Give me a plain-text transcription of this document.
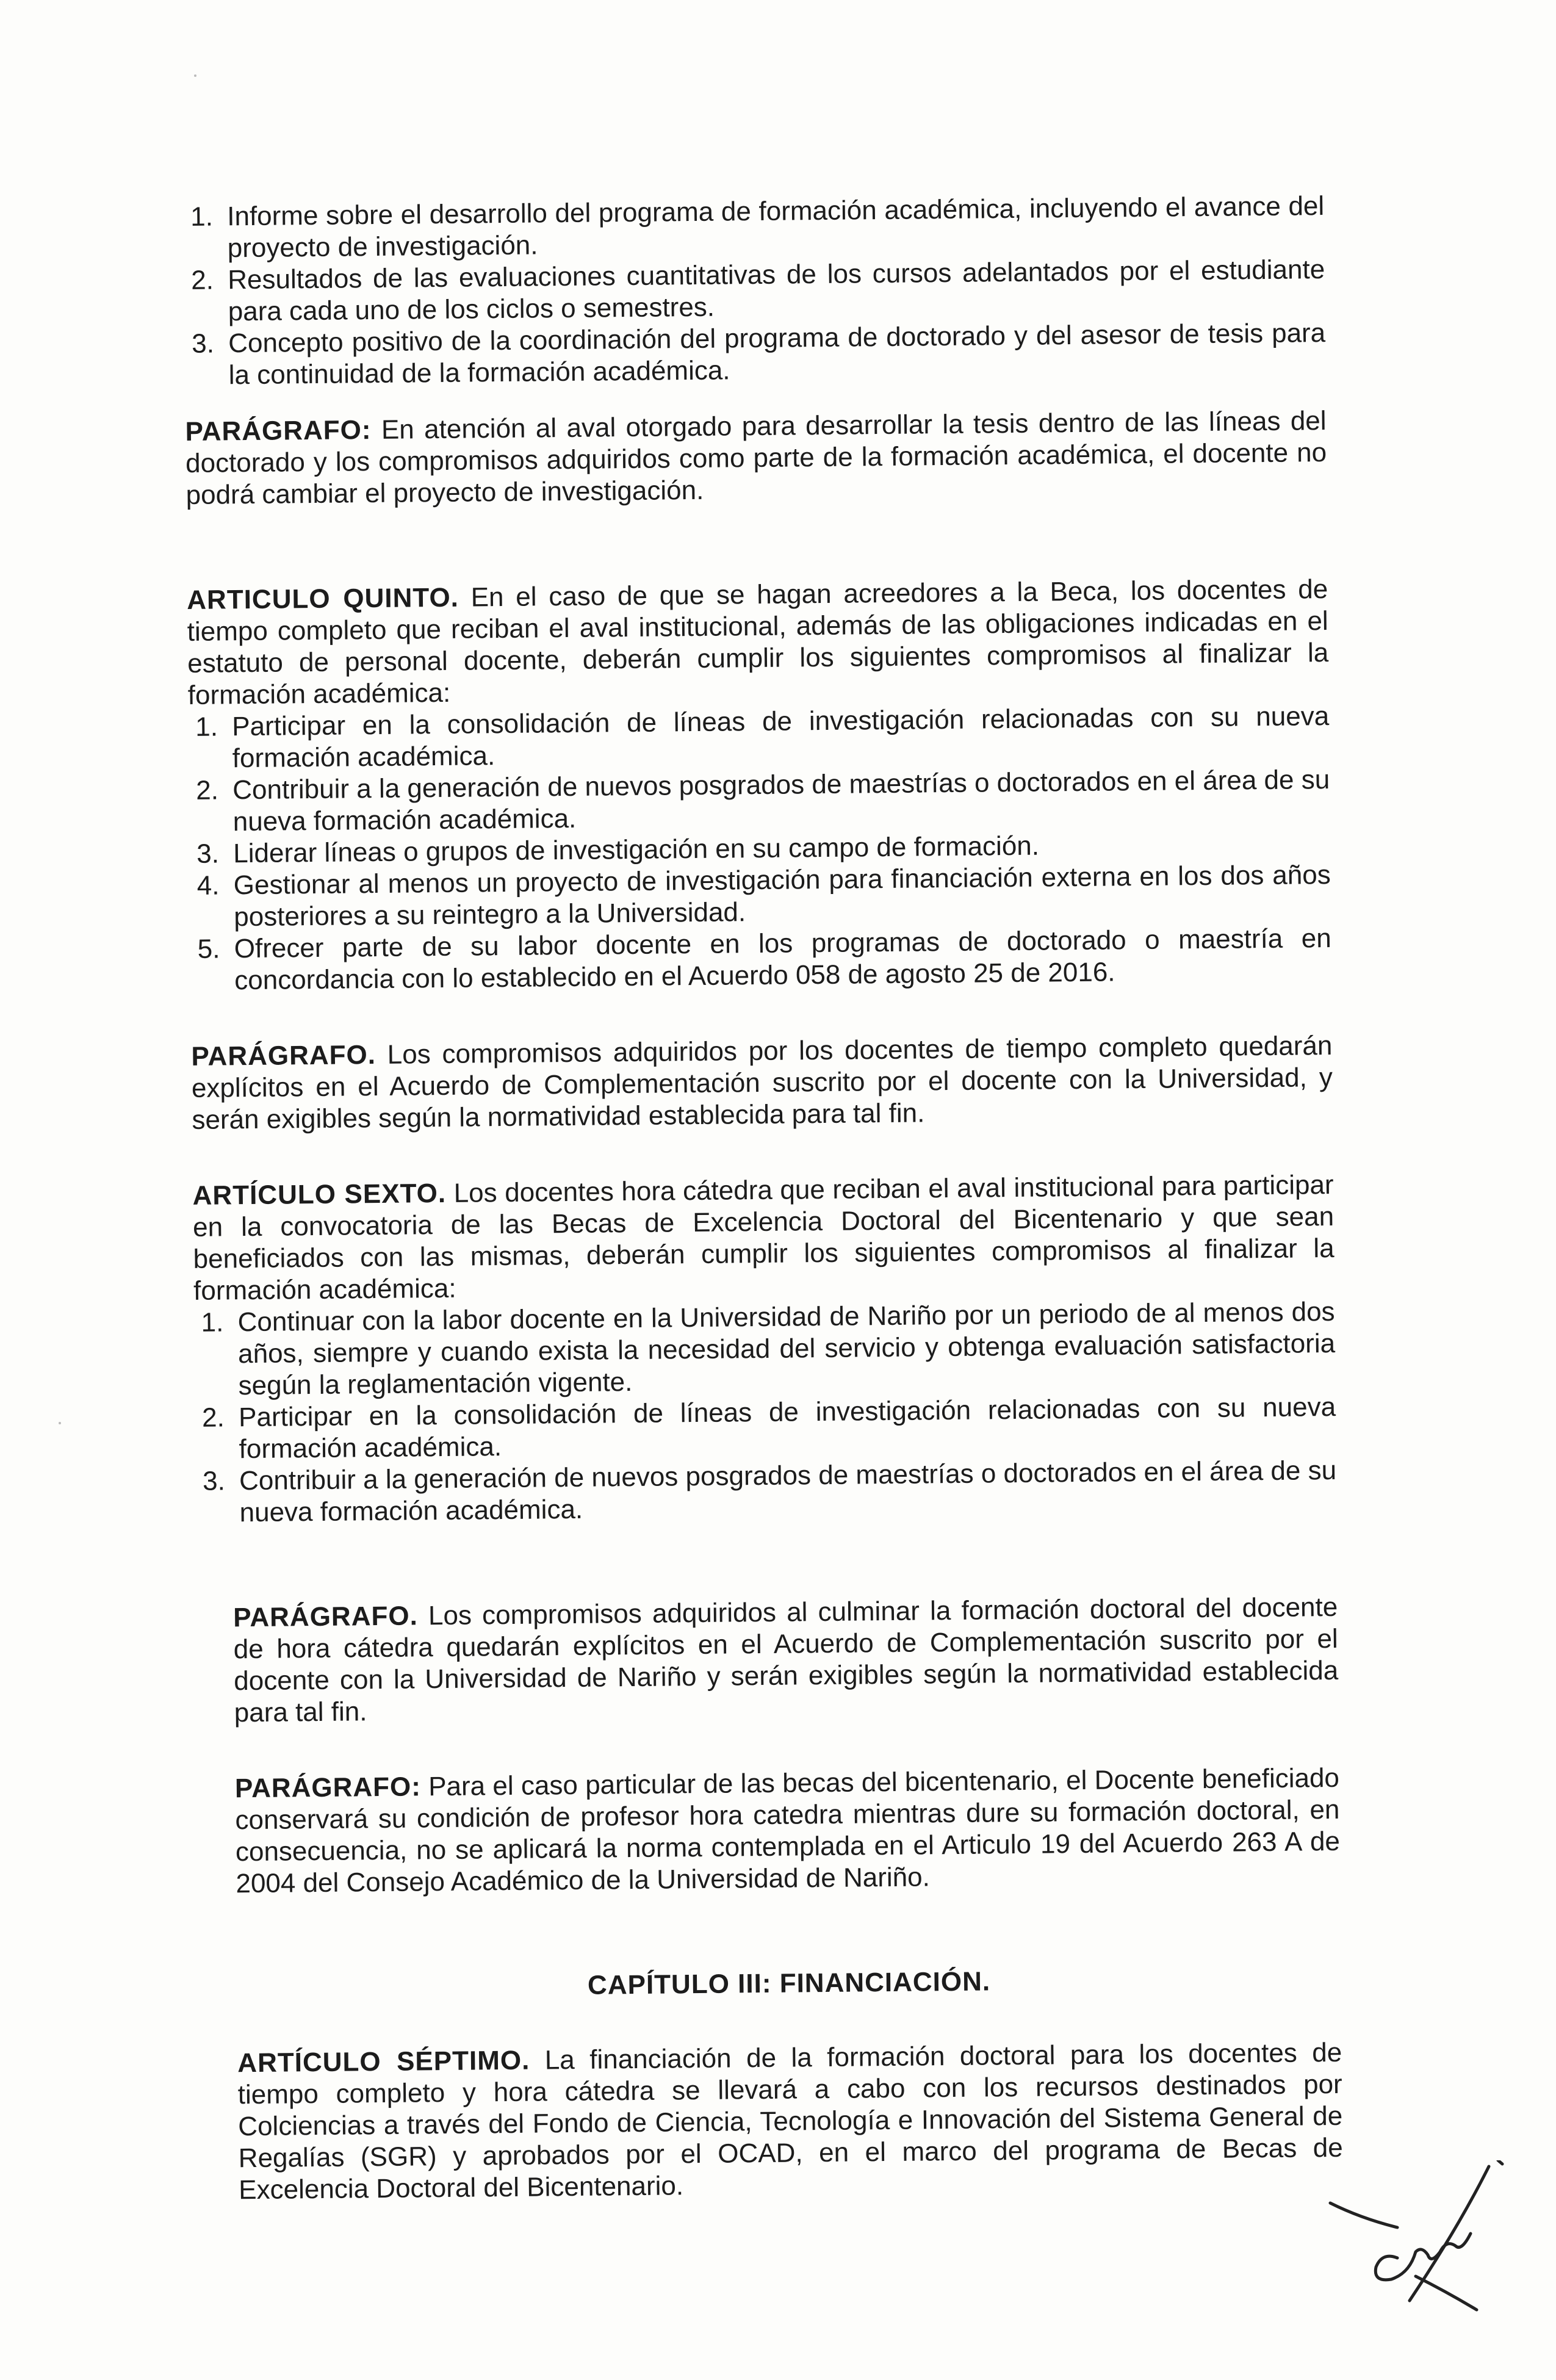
1. Informe sobre el desarrollo del programa de formación académica, incluyendo el avance del proyecto de investigación.
2. Resultados de las evaluaciones cuantitativas de los cursos adelantados por el estudiante para cada uno de los ciclos o semestres.
3. Concepto positivo de la coordinación del programa de doctorado y del asesor de tesis para la continuidad de la formación académica.

PARÁGRAFO: En atención al aval otorgado para desarrollar la tesis dentro de las líneas del doctorado y los compromisos adquiridos como parte de la formación académica, el docente no podrá cambiar el proyecto de investigación.

ARTICULO QUINTO. En el caso de que se hagan acreedores a la Beca, los docentes de tiempo completo que reciban el aval institucional, además de las obligaciones indicadas en el estatuto de personal docente, deberán cumplir los siguientes compromisos al finalizar la formación académica:

1. Participar en la consolidación de líneas de investigación relacionadas con su nueva formación académica.
2. Contribuir a la generación de nuevos posgrados de maestrías o doctorados en el área de su nueva formación académica.
3. Liderar líneas o grupos de investigación en su campo de formación.
4. Gestionar al menos un proyecto de investigación para financiación externa en los dos años posteriores a su reintegro a la Universidad.
5. Ofrecer parte de su labor docente en los programas de doctorado o maestría en concordancia con lo establecido en el Acuerdo 058 de agosto 25 de 2016.

PARÁGRAFO. Los compromisos adquiridos por los docentes de tiempo completo quedarán explícitos en el Acuerdo de Complementación suscrito por el docente con la Universidad, y serán exigibles según la normatividad establecida para tal fin.

ARTÍCULO SEXTO. Los docentes hora cátedra que reciban el aval institucional para participar en la convocatoria de las Becas de Excelencia Doctoral del Bicentenario y que sean beneficiados con las mismas, deberán cumplir los siguientes compromisos al finalizar la formación académica:

1. Continuar con la labor docente en la Universidad de Nariño por un periodo de al menos dos años, siempre y cuando exista la necesidad del servicio y obtenga evaluación satisfactoria según la reglamentación vigente.
2. Participar en la consolidación de líneas de investigación relacionadas con su nueva formación académica.
3. Contribuir a la generación de nuevos posgrados de maestrías o doctorados en el área de su nueva formación académica.

PARÁGRAFO. Los compromisos adquiridos al culminar la formación doctoral del docente de hora cátedra quedarán explícitos en el Acuerdo de Complementación suscrito por el docente con la Universidad de Nariño y serán exigibles según la normatividad establecida para tal fin.

PARÁGRAFO: Para el caso particular de las becas del bicentenario, el Docente beneficiado conservará su condición de profesor hora catedra mientras dure su formación doctoral, en consecuencia, no se aplicará la norma contemplada en el Articulo 19 del Acuerdo 263 A de 2004 del Consejo Académico de la Universidad de Nariño.

CAPÍTULO III: FINANCIACIÓN.

ARTÍCULO SÉPTIMO. La financiación de la formación doctoral para los docentes de tiempo completo y hora cátedra se llevará a cabo con los recursos destinados por Colciencias a través del Fondo de Ciencia, Tecnología e Innovación del Sistema General de Regalías (SGR) y aprobados por el OCAD, en el marco del programa de Becas de Excelencia Doctoral del Bicentenario.
